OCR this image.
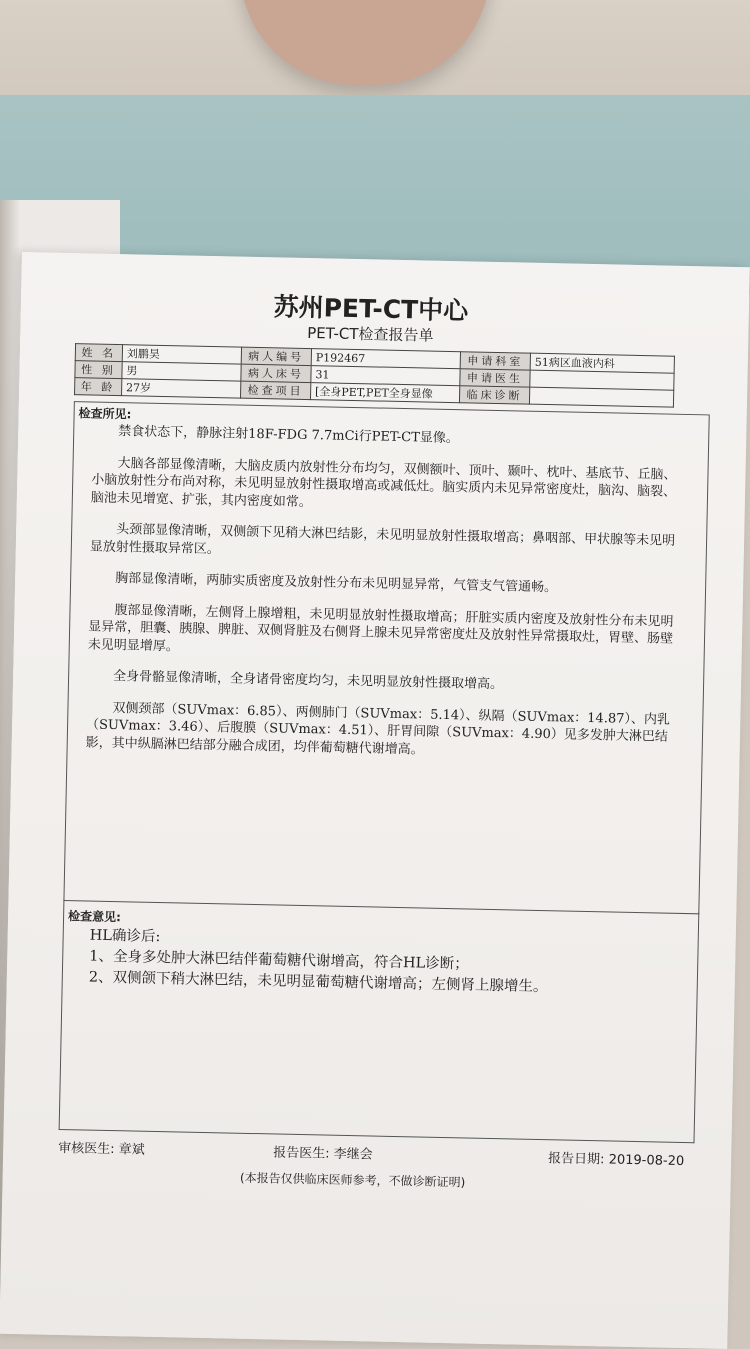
苏州PET-CT中心
PET-CT检查报告单
姓 名	刘鹏昊	病人编号	P192467	申请科室	51病区血液内科
性 别	男	病人床号	31	申请医生	
年 龄	27岁	检查项目	[全身PET,PET全身显像	临床诊断	
检查所见:

禁食状态下，静脉注射18F-FDG 7.7mCi行PET-CT显像。

大脑各部显像清晰，大脑皮质内放射性分布均匀，双侧额叶、顶叶、颞叶、枕叶、基底节、丘脑、小脑放射性分布尚对称，未见明显放射性摄取增高或减低灶。脑实质内未见异常密度灶，脑沟、脑裂、脑池未见增宽、扩张，其内密度如常。

头颈部显像清晰，双侧颌下见稍大淋巴结影，未见明显放射性摄取增高；鼻咽部、甲状腺等未见明显放射性摄取异常区。

胸部显像清晰，两肺实质密度及放射性分布未见明显异常，气管支气管通畅。

腹部显像清晰，左侧肾上腺增粗，未见明显放射性摄取增高；肝脏实质内密度及放射性分布未见明显异常，胆囊、胰腺、脾脏、双侧肾脏及右侧肾上腺未见异常密度灶及放射性异常摄取灶，胃壁、肠壁未见明显增厚。

全身骨骼显像清晰，全身诸骨密度均匀，未见明显放射性摄取增高。

双侧颈部（SUVmax：6.85）、两侧肺门（SUVmax：5.14）、纵隔（SUVmax：14.87）、内乳（SUVmax：3.46）、后腹膜（SUVmax：4.51）、肝胃间隙（SUVmax：4.90）见多发肿大淋巴结影，其中纵膈淋巴结部分融合成团，均伴葡萄糖代谢增高。

检查意见:
HL确诊后:
1、全身多处肿大淋巴结伴葡萄糖代谢增高，符合HL诊断；
2、双侧颌下稍大淋巴结，未见明显葡萄糖代谢增高；左侧肾上腺增生。
审核医生: 章斌	报告医生: 李继会	报告日期: 2019-08-20
(本报告仅供临床医师参考，不做诊断证明)
